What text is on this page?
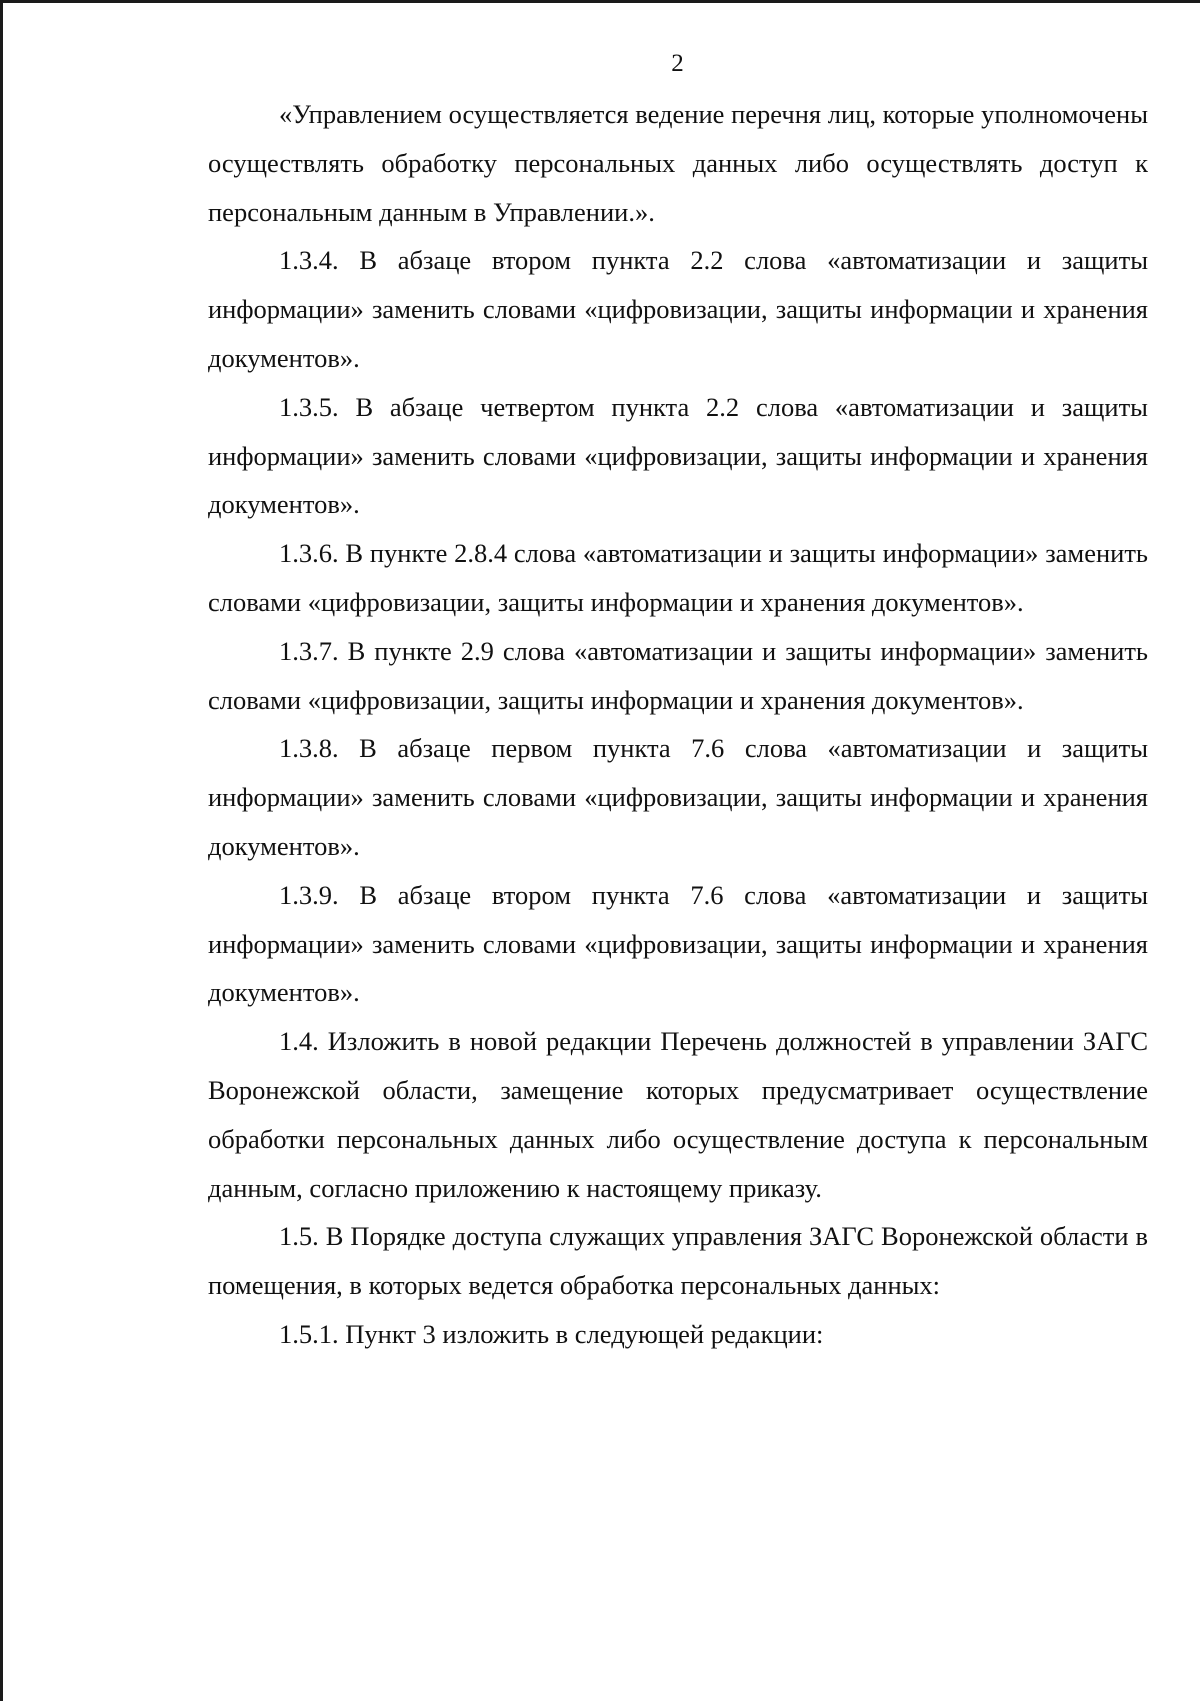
2

«Управлением осуществляется ведение перечня лиц, которые уполномочены осуществлять обработку персональных данных либо осуществлять доступ к персональным данным в Управлении.».

1.3.4. В абзаце втором пункта 2.2 слова «автоматизации и защиты информации» заменить словами «цифровизации, защиты информации и хранения документов».

1.3.5. В абзаце четвертом пункта 2.2 слова «автоматизации и защиты информации» заменить словами «цифровизации, защиты информации и хранения документов».

1.3.6. В пункте 2.8.4 слова «автоматизации и защиты информации» заменить словами «цифровизации, защиты информации и хранения документов».

1.3.7. В пункте 2.9 слова «автоматизации и защиты информации» заменить словами «цифровизации, защиты информации и хранения документов».

1.3.8. В абзаце первом пункта 7.6 слова «автоматизации и защиты информации» заменить словами «цифровизации, защиты информации и хранения документов».

1.3.9. В абзаце втором пункта 7.6 слова «автоматизации и защиты информации» заменить словами «цифровизации, защиты информации и хранения документов».

1.4. Изложить в новой редакции Перечень должностей в управлении ЗАГС Воронежской области, замещение которых предусматривает осуществление обработки персональных данных либо осуществление доступа к персональным данным, согласно приложению к настоящему приказу.

1.5. В Порядке доступа служащих управления ЗАГС Воронежской области в помещения, в которых ведется обработка персональных данных:

1.5.1. Пункт 3 изложить в следующей редакции:
